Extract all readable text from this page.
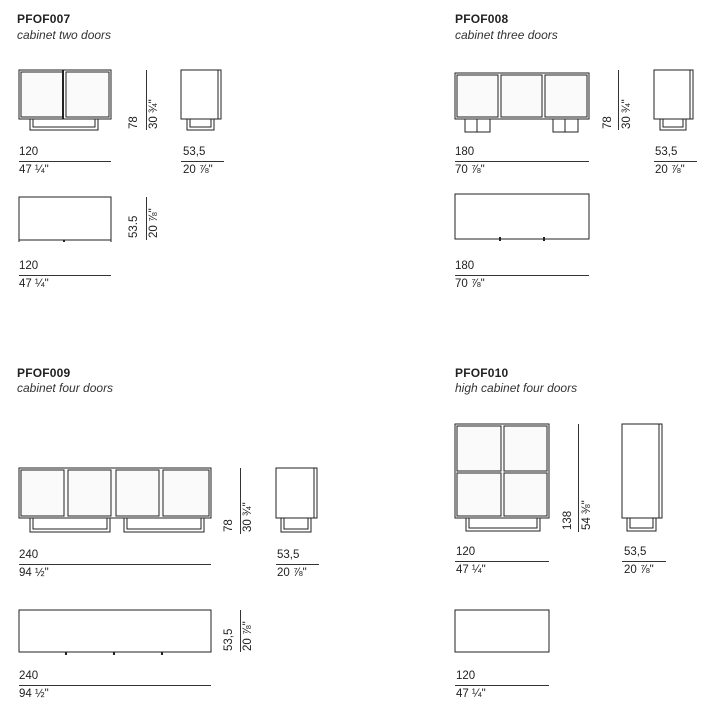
PFOF007
cabinet two doors
78 30 ¾"
120
47 ¼"
53,5
20 ⅞"
53.5 20 ⅞"
120
47 ¼"
PFOF008
cabinet three doors
78 30 ¾"
180
70 ⅞"
53,5
20 ⅞"
180
70 ⅞"
PFOF009
cabinet four doors
78 30 ¾"
240
94 ½"
53,5
20 ⅞"
53,5 20 ⅞"
240
94 ½"
PFOF010
high cabinet four doors
138 54 ⅜"
120
47 ¼"
53,5
20 ⅞"
120
47 ¼"
